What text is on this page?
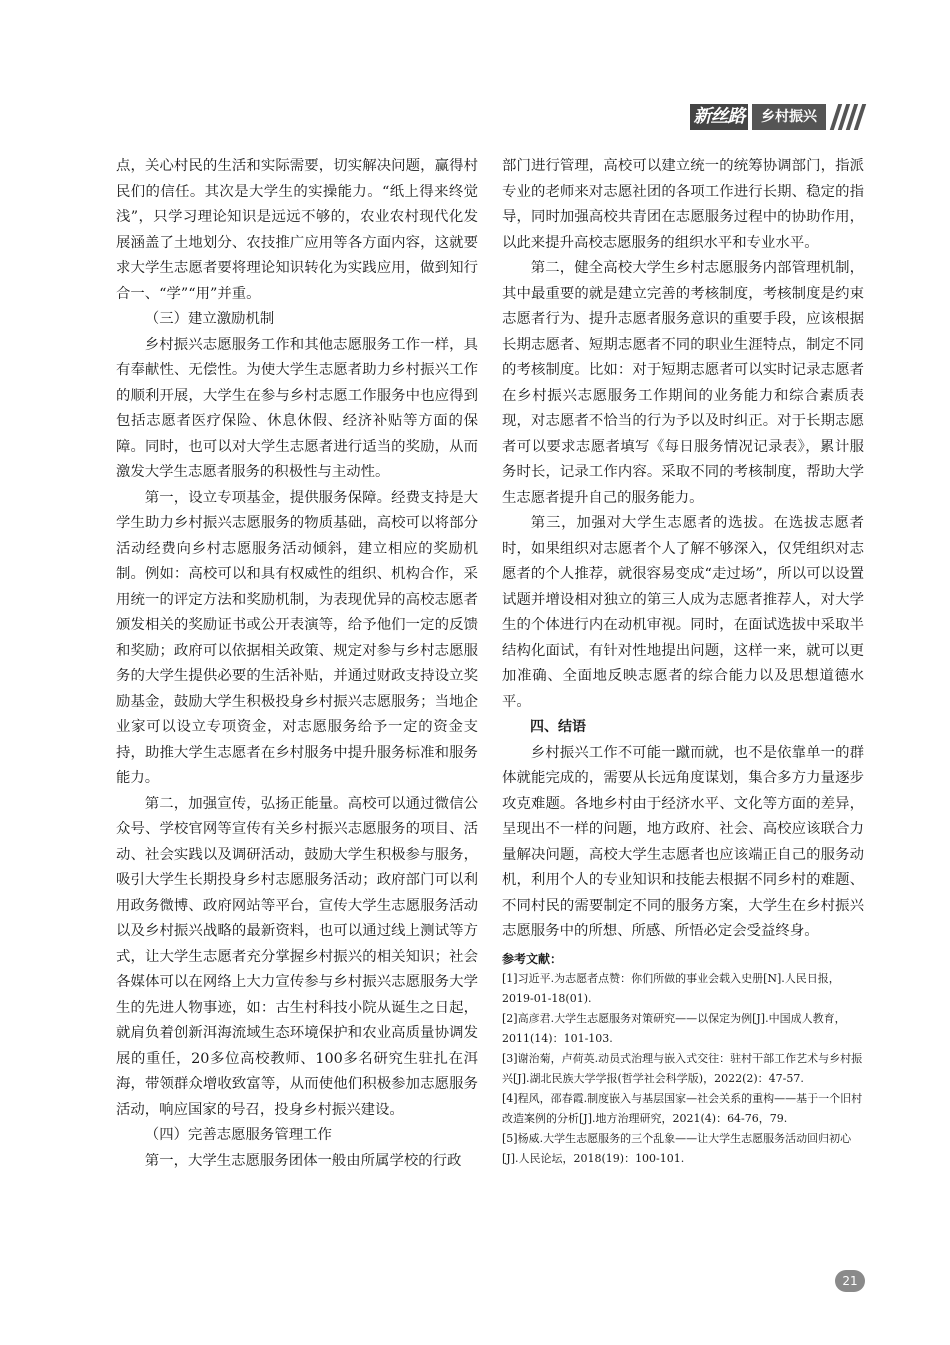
新丝路	乡村振兴

点，关心村民的生活和实际需要，切实解决问题，赢得村民们的信任。其次是大学生的实操能力。“纸上得来终觉浅”，只学习理论知识是远远不够的，农业农村现代化发展涵盖了土地划分、农技推广应用等各方面内容，这就要求大学生志愿者要将理论知识转化为实践应用，做到知行合一、“学”“用”并重。

（三）建立激励机制

乡村振兴志愿服务工作和其他志愿服务工作一样，具有奉献性、无偿性。为使大学生志愿者助力乡村振兴工作的顺利开展，大学生在参与乡村志愿工作服务中也应得到包括志愿者医疗保险、休息休假、经济补贴等方面的保障。同时，也可以对大学生志愿者进行适当的奖励，从而激发大学生志愿者服务的积极性与主动性。

第一，设立专项基金，提供服务保障。经费支持是大学生助力乡村振兴志愿服务的物质基础，高校可以将部分活动经费向乡村志愿服务活动倾斜，建立相应的奖励机制。例如：高校可以和具有权威性的组织、机构合作，采用统一的评定方法和奖励机制，为表现优异的高校志愿者颁发相关的奖励证书或公开表演等，给予他们一定的反馈和奖励；政府可以依据相关政策、规定对参与乡村志愿服务的大学生提供必要的生活补贴，并通过财政支持设立奖励基金，鼓励大学生积极投身乡村振兴志愿服务；当地企业家可以设立专项资金，对志愿服务给予一定的资金支持，助推大学生志愿者在乡村服务中提升服务标准和服务能力。

第二，加强宣传，弘扬正能量。高校可以通过微信公众号、学校官网等宣传有关乡村振兴志愿服务的项目、活动、社会实践以及调研活动，鼓励大学生积极参与服务，吸引大学生长期投身乡村志愿服务活动；政府部门可以利用政务微博、政府网站等平台，宣传大学生志愿服务活动以及乡村振兴战略的最新资料，也可以通过线上测试等方式，让大学生志愿者充分掌握乡村振兴的相关知识；社会各媒体可以在网络上大力宣传参与乡村振兴志愿服务大学生的先进人物事迹，如：古生村科技小院从诞生之日起，就肩负着创新洱海流域生态环境保护和农业高质量协调发展的重任，20多位高校教师、100多名研究生驻扎在洱海，带领群众增收致富等，从而使他们积极参加志愿服务活动，响应国家的号召，投身乡村振兴建设。

（四）完善志愿服务管理工作

第一，大学生志愿服务团体一般由所属学校的行政

部门进行管理，高校可以建立统一的统筹协调部门，指派专业的老师来对志愿社团的各项工作进行长期、稳定的指导，同时加强高校共青团在志愿服务过程中的协助作用，以此来提升高校志愿服务的组织水平和专业水平。

第二，健全高校大学生乡村志愿服务内部管理机制，其中最重要的就是建立完善的考核制度，考核制度是约束志愿者行为、提升志愿者服务意识的重要手段，应该根据长期志愿者、短期志愿者不同的职业生涯特点，制定不同的考核制度。比如：对于短期志愿者可以实时记录志愿者在乡村振兴志愿服务工作期间的业务能力和综合素质表现，对志愿者不恰当的行为予以及时纠正。对于长期志愿者可以要求志愿者填写《每日服务情况记录表》，累计服务时长，记录工作内容。采取不同的考核制度，帮助大学生志愿者提升自己的服务能力。

第三，加强对大学生志愿者的选拔。在选拔志愿者时，如果组织对志愿者个人了解不够深入，仅凭组织对志愿者的个人推荐，就很容易变成“走过场”，所以可以设置试题并增设相对独立的第三人成为志愿者推荐人，对大学生的个体进行内在动机审视。同时，在面试选拔中采取半结构化面试，有针对性地提出问题，这样一来，就可以更加准确、全面地反映志愿者的综合能力以及思想道德水平。

四、结语

乡村振兴工作不可能一蹴而就，也不是依靠单一的群体就能完成的，需要从长远角度谋划，集合多方力量逐步攻克难题。各地乡村由于经济水平、文化等方面的差异，呈现出不一样的问题，地方政府、社会、高校应该联合力量解决问题，高校大学生志愿者也应该端正自己的服务动机，利用个人的专业知识和技能去根据不同乡村的难题、不同村民的需要制定不同的服务方案，大学生在乡村振兴志愿服务中的所想、所感、所悟必定会受益终身。

参考文献：
[1]习近平.为志愿者点赞：你们所做的事业会载入史册[N].人民日报，2019-01-18(01).
[2]高彦君.大学生志愿服务对策研究——以保定为例[J].中国成人教育，2011(14)：101-103.
[3]谢治菊，卢荷英.动员式治理与嵌入式交往：驻村干部工作艺术与乡村振兴[J].湖北民族大学学报(哲学社会科学版)，2022(2)：47-57.
[4]程风，邵春霞.制度嵌入与基层国家—社会关系的重构——基于一个旧村改造案例的分析[J].地方治理研究，2021(4)：64-76，79.
[5]杨威.大学生志愿服务的三个乱象——让大学生志愿服务活动回归初心[J].人民论坛，2018(19)：100-101.
21
